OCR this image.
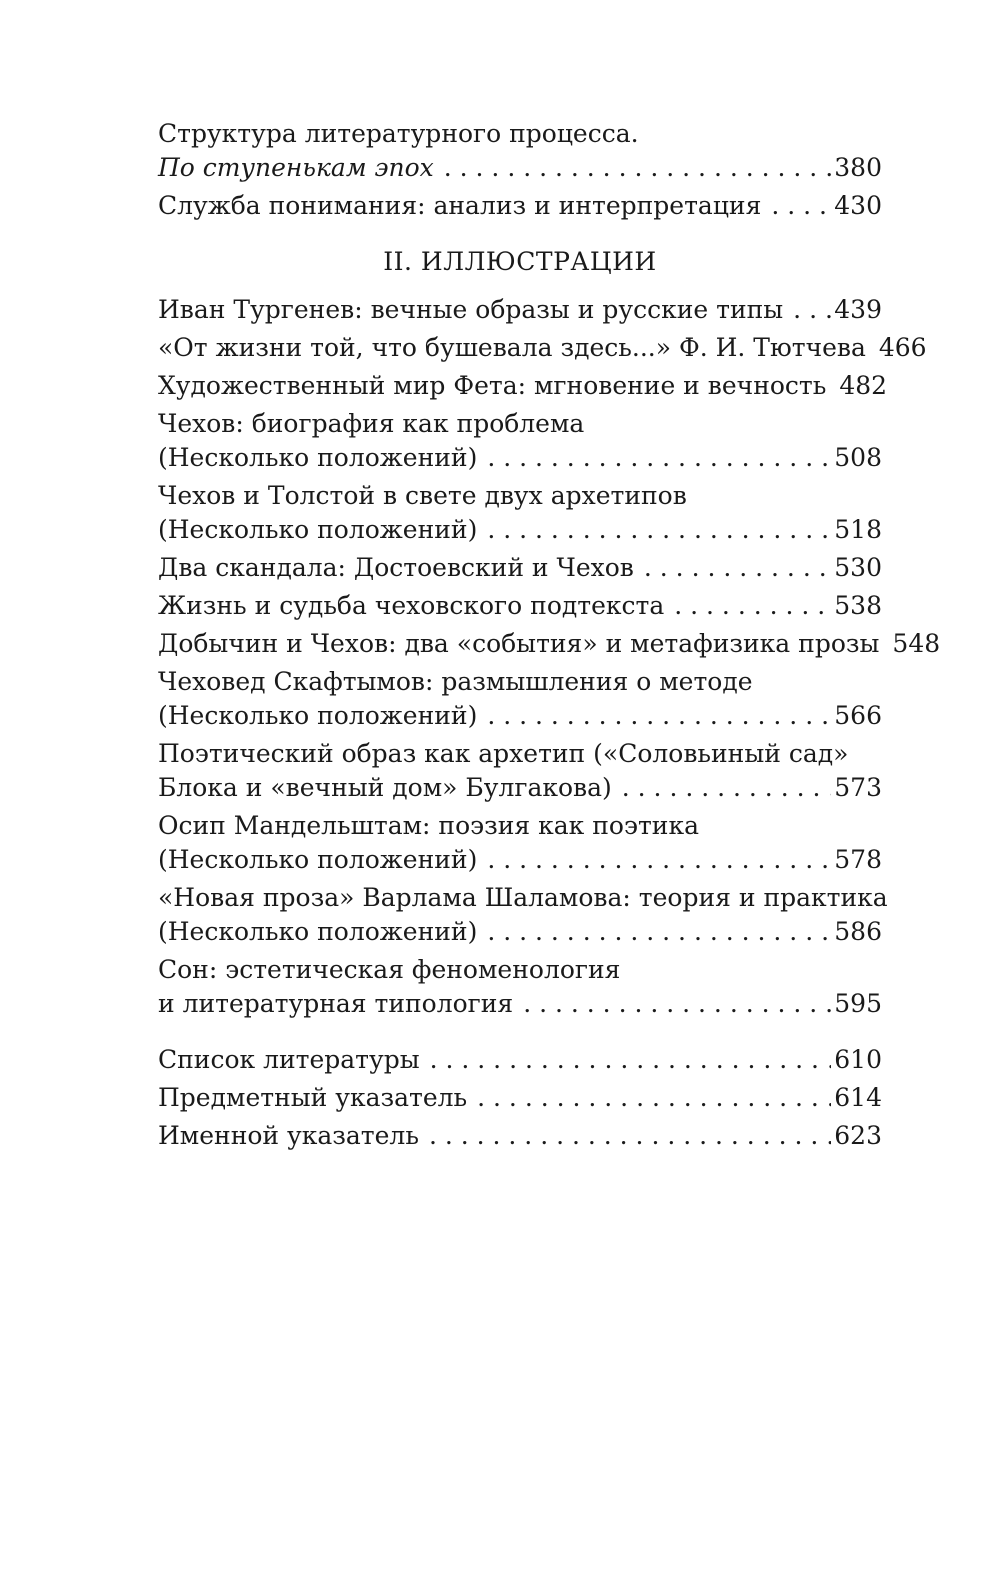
Структура литературного процесса.
По ступенькам эпох . . .	380
Служба понимания: анализ и интерпретация . . .	430
II. ИЛЛЮСТРАЦИИ
Иван Тургенев: вечные образы и русские типы . . . 439
«От жизни той, что бушевала здесь...» Ф. И. Тютчева 466
Художественный мир Фета: мгновение и вечность 482
Чехов: биография как проблема
(Несколько положений) . . .	508
Чехов и Толстой в свете двух архетипов
(Несколько положений) . . .	518
Два скандала: Достоевский и Чехов . . .	530
Жизнь и судьба чеховского подтекста . . .	538
Добычин и Чехов: два «события» и метафизика прозы 548
Чеховед Скафтымов: размышления о методе
(Несколько положений) . . .	566
Поэтический образ как архетип («Соловьиный сад»
Блока и «вечный дом» Булгакова) . . .	573
Осип Мандельштам: поэзия как поэтика
(Несколько положений) . . .	578
«Новая проза» Варлама Шаламова: теория и практика
(Несколько положений) . . .	586
Сон: эстетическая феноменология
и литературная типология . . .	595
Список литературы . . .	610
Предметный указатель . . .	614
Именной указатель . . .	623
